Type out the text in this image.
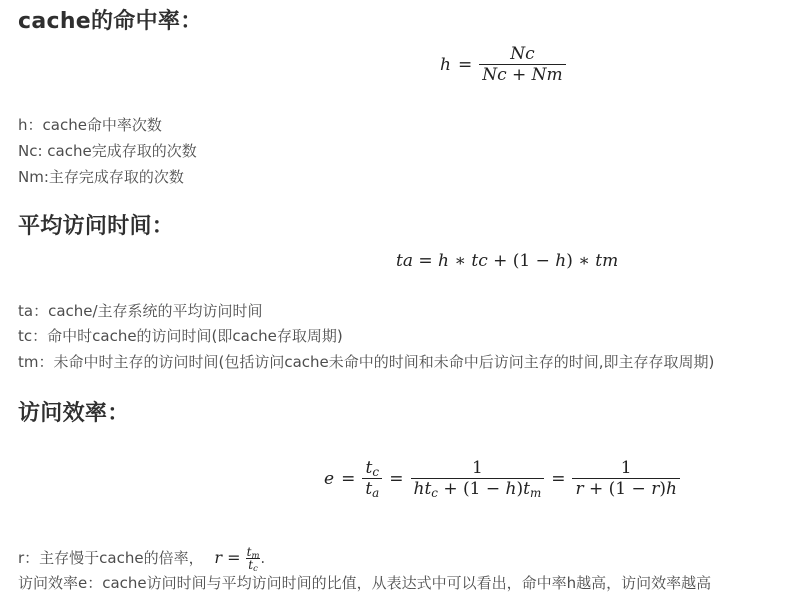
cache的命中率：
$h = \frac{Nc}{Nc + Nm}$
h：cache命中率次数
Nc: cache完成存取的次数
Nm:主存完成存取的次数
平均访问时间：
ta = h ∗ tc + (1 − h) ∗ tm
ta：cache/主存系统的平均访问时间
tc：命中时cache的访问时间(即cache存取周期)
tm：未命中时主存的访问时间(包括访问cache未命中的时间和未命中后访问主存的时间,即主存存取周期)
访问效率：
$e = \frac{t_c}{t_a} = \frac{1}{ht_c + (1 - h)t_m} = \frac{1}{r + (1 - r)h}$
r：主存慢于cache的倍率， $r = \frac{t_m}{t_c}$ .
访问效率e：cache访问时间与平均访问时间的比值，从表达式中可以看出，命中率h越高，访问效率越高
